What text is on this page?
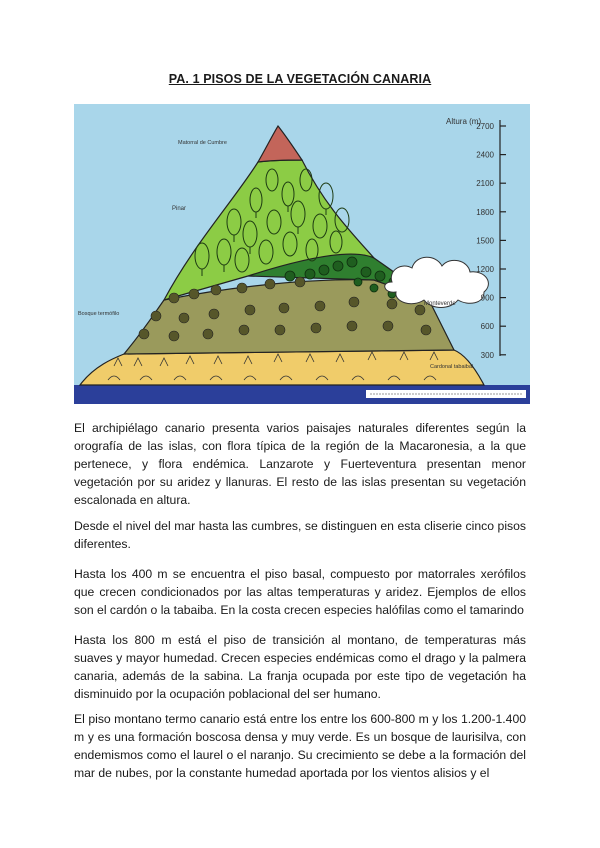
PA. 1 PISOS DE LA VEGETACIÓN CANARIA
Altura (m)
2700
2400
2100
1800
1500
1200
900
600
300
Matorral de Cumbre
Pinar
Bosque termófilo
Monteverde
Cardonal tabaibal

El archipiélago canario presenta varios paisajes naturales diferentes según la orografía de las islas, con flora típica de la región de la Macaronesia, a la que pertenece, y flora endémica. Lanzarote y Fuerteventura presentan menor vegetación por su aridez y llanuras. El resto de las islas presentan su vegetación escalonada en altura.

Desde el nivel del mar hasta las cumbres, se distinguen en esta cliserie cinco pisos diferentes.

Hasta los 400 m se encuentra el piso basal, compuesto por matorrales xerófilos que crecen condicionados por las altas temperaturas y aridez. Ejemplos de ellos son el cardón o la tabaiba. En la costa crecen especies halófilas como el tamarindo

Hasta los 800 m está el piso de transición al montano, de temperaturas más suaves y mayor humedad. Crecen especies endémicas como el drago y la palmera canaria, además de la sabina. La franja ocupada por este tipo de vegetación ha disminuido por la ocupación poblacional del ser humano.

El piso montano termo canario está entre los entre los 600-800 m y los 1.200-1.400 m y es una formación boscosa densa y muy verde. Es un bosque de laurisilva, con endemismos como el laurel o el naranjo. Su crecimiento se debe a la formación del mar de nubes, por la constante humedad aportada por los vientos alisios y el
